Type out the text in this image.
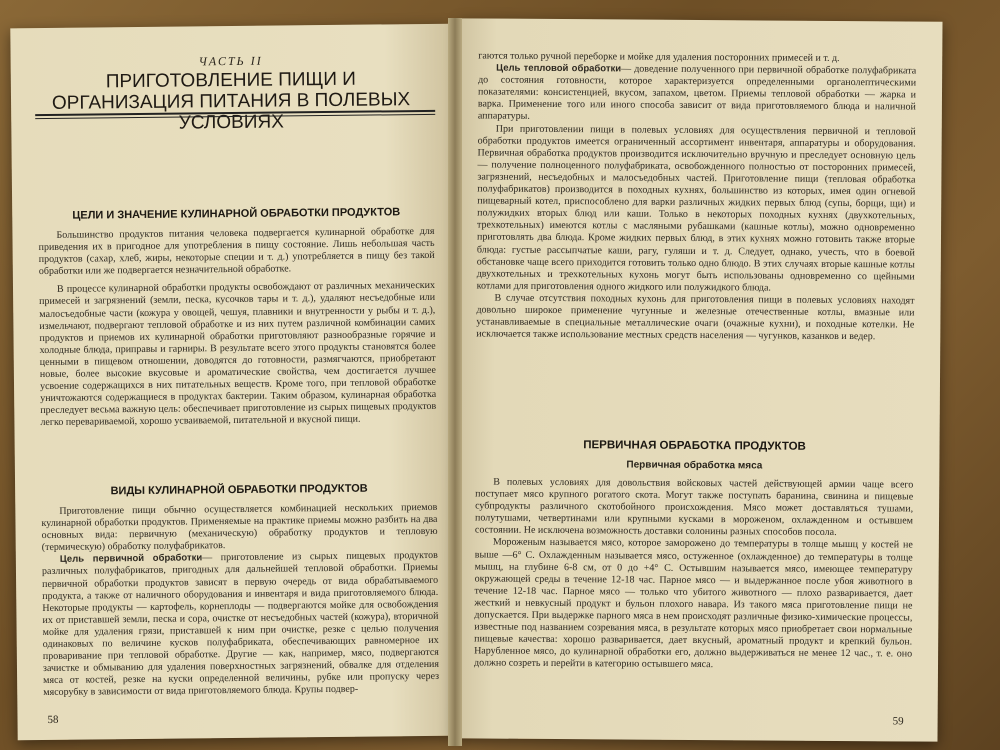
ЧАСТЬ II
ПРИГОТОВЛЕНИЕ ПИЩИ И ОРГАНИЗАЦИЯ ПИТАНИЯ В ПОЛЕВЫХ УСЛОВИЯХ
ЦЕЛИ И ЗНАЧЕНИЕ КУЛИНАРНОЙ ОБРАБОТКИ ПРОДУКТОВ

Большинство продуктов питания человека подвергается кулинарной обработке для приведения их в пригодное для употребления в пищу состояние. Лишь небольшая часть продуктов (сахар, хлеб, жиры, некоторые специи и т. д.) употребляется в пищу без такой обработки или же подвергается незначительной обработке.

В процессе кулинарной обработки продукты освобождают от различных механических примесей и загрязнений (земли, песка, кусочков тары и т. д.), удаляют несъедобные или малосъедобные части (кожура у овощей, чешуя, плавники и внутренности у рыбы и т. д.), измельчают, подвергают тепловой обработке и из них путем различной комбинации самих продуктов и приемов их кулинарной обработки приготовляют разнообразные горячие и холодные блюда, приправы и гарниры. В результате всего этого продукты становятся более ценными в пищевом отношении, доводятся до готовности, размягчаются, приобретают новые, более высокие вкусовые и ароматические свойства, чем достигается лучшее усвоение содержащихся в них питательных веществ. Кроме того, при тепловой обработке уничтожаются содержащиеся в продуктах бактерии. Таким образом, кулинарная обработка преследует весьма важную цель: обеспечивает приготовление из сырых пищевых продуктов легко перевариваемой, хорошо усваиваемой, питательной и вкусной пищи.

ВИДЫ КУЛИНАРНОЙ ОБРАБОТКИ ПРОДУКТОВ

Приготовление пищи обычно осуществляется комбинацией нескольких приемов кулинарной обработки продуктов. Применяемые на практике приемы можно разбить на два основных вида: первичную (механическую) обработку продуктов и тепловую (термическую) обработку полуфабрикатов.

Цель первичной обработки— приготовление из сырых пищевых продуктов различных полуфабрикатов, пригодных для дальнейшей тепловой обработки. Приемы первичной обработки продуктов зависят в первую очередь от вида обрабатываемого продукта, а также от наличного оборудования и инвентаря и вида приготовляемого блюда. Некоторые продукты — картофель, корнеплоды — подвергаются мойке для освобождения их от приставшей земли, песка и сора, очистке от несъедобных частей (кожура), вторичной мойке для удаления грязи, приставшей к ним при очистке, резке с целью получения одинаковых по величине кусков полуфабриката, обеспечивающих равномерное их проваривание при тепловой обработке. Другие — как, например, мясо, подвергаются зачистке и обмыванию для удаления поверхностных загрязнений, обвалке для отделения мяса от костей, резке на куски определенной величины, рубке или пропуску через мясорубку в зависимости от вида приготовляемого блюда. Крупы подвер-

58

гаются только ручной переборке и мойке для удаления посторонних примесей и т. д.

Цель тепловой обработки— доведение полученного при первичной обработке полуфабриката до состояния готовности, которое характеризуется определенными органолептическими показателями: консистенцией, вкусом, запахом, цветом. Приемы тепловой обработки — жарка и варка. Применение того или иного способа зависит от вида приготовляемого блюда и наличной аппаратуры.

При приготовлении пищи в полевых условиях для осуществления первичной и тепловой обработки продуктов имеется ограниченный ассортимент инвентаря, аппаратуры и оборудования. Первичная обработка продуктов производится исключительно вручную и преследует основную цель — получение полноценного полуфабриката, освобожденного полностью от посторонних примесей, загрязнений, несъедобных и малосъедобных частей. Приготовление пищи (тепловая обработка полуфабрикатов) производится в походных кухнях, большинство из которых, имея один огневой пищеварный котел, приспособлено для варки различных жидких первых блюд (супы, борщи, щи) и полужидких вторых блюд или каши. Только в некоторых походных кухнях (двухкотельных, трехкотельных) имеются котлы с масляными рубашками (кашные котлы), можно одновременно приготовлять два блюда. Кроме жидких первых блюд, в этих кухнях можно готовить также вторые блюда: густые рассыпчатые каши, рагу, гуляши и т. д. Следует, однако, учесть, что в боевой обстановке чаще всего приходится готовить только одно блюдо. В этих случаях вторые кашные котлы двухкотельных и трехкотельных кухонь могут быть использованы одновременно со щейными котлами для приготовления одного жидкого или полужидкого блюда.

В случае отсутствия походных кухонь для приготовления пищи в полевых условиях находят довольно широкое применение чугунные и железные отечественные котлы, вмазные или устанавливаемые в специальные металлические очаги (очажные кухни), и походные котелки. Не исключается также использование местных средств населения — чугунков, казанков и ведер.

ПЕРВИЧНАЯ ОБРАБОТКА ПРОДУКТОВ
Первичная обработка мяса

В полевых условиях для довольствия войсковых частей действующей армии чаще всего поступает мясо крупного рогатого скота. Могут также поступать баранина, свинина и пищевые субпродукты различного скотобойного происхождения. Мясо может доставляться тушами, полутушами, четвертинами или крупными кусками в мороженом, охлажденном и остывшем состоянии. Не исключена возможность доставки солонины разных способов посола.

Мороженым называется мясо, которое заморожено до температуры в толще мышц у костей не выше —6° С. Охлажденным называется мясо, остуженное (охлажденное) до температуры в толще мышц, на глубине 6-8 см, от 0 до +4° С. Остывшим называется мясо, имеющее температуру окружающей среды в течение 12-18 час. Парное мясо — и выдержанное после убоя животного в течение 12-18 час. Парное мясо — только что убитого животного — плохо разваривается, дает жесткий и невкусный продукт и бульон плохого навара. Из такого мяса приготовление пищи не допускается. При выдержке парного мяса в нем происходят различные физико-химические процессы, известные под названием созревания мяса, в результате которых мясо приобретает свои нормальные пищевые качества: хорошо разваривается, дает вкусный, ароматный продукт и крепкий бульон. Нарубленное мясо, до кулинарной обработки его, должно выдерживаться не менее 12 час., т. е. оно должно созреть и перейти в категорию остывшего мяса.

59
